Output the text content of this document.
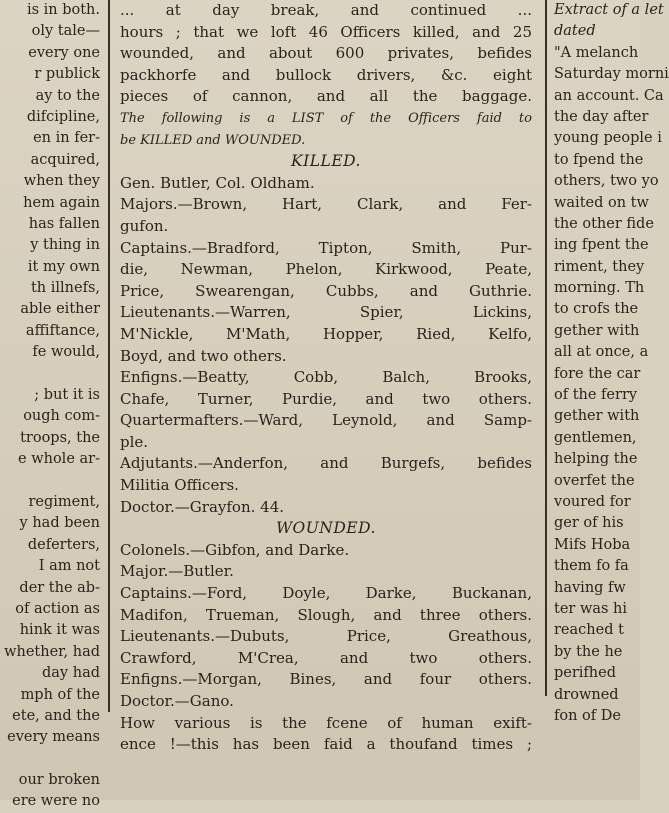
is in both.
oly tale—
every one
r publick
ay to the
difcipline,
en in fer-
acquired,
when they
hem again
has fallen
y thing in
it my own
th illnefs,
able either
affiftance,
fe would,
; but it is
ough com-
troops, the
e whole ar-
regiment,
y had been
deferters,
I am not
der the ab-
of action as
hink it was
whether, had
day had
mph of the
ete, and the
every means
our broken
ere were no
... at day break, and continued ...
hours ; that we loft 46 Officers killed, and 25
wounded, and about 600 privates, befides
packhorfe and bullock drivers, &c. eight
pieces of cannon, and all the baggage.
The following is a LIST of the Officers faid to
be KILLED and WOUNDED.
KILLED.
Gen. Butler, Col. Oldham.
Majors.—Brown, Hart, Clark, and Fer-
gufon.
Captains.—Bradford, Tipton, Smith, Pur-
die, Newman, Phelon, Kirkwood, Peate,
Price, Swearengan, Cubbs, and Guthrie.
Lieutenants.—Warren, Spier, Lickins,
M'Nickle, M'Math, Hopper, Ried, Kelfo,
Boyd, and two others.
Enfigns.—Beatty, Cobb, Balch, Brooks,
Chafe, Turner, Purdie, and two others.
Quartermafters.—Ward, Leynold, and Samp-
ple.
Adjutants.—Anderfon, and Burgefs, befides
Militia Officers.
Doctor.—Grayfon. 44.
WOUNDED.
Colonels.—Gibfon, and Darke.
Major.—Butler.
Captains.—Ford, Doyle, Darke, Buckanan,
Madifon, Trueman, Slough, and three others.
Lieutenants.—Dubuts, Price, Greathous,
Crawford, M'Crea, and two others.
Enfigns.—Morgan, Bines, and four others.
Doctor.—Gano.
How various is the fcene of human exift-
ence !—this has been faid a thoufand times ;
Extract of a let
dated
"A melanch
Saturday morni
an account. Ca
the day after
young people i
to fpend the
others, two yo
waited on tw
the other fide
ing fpent the
riment, they
morning. Th
to crofs the
gether with
all at once, a
fore the car
of the ferry
gether with
gentlemen,
helping the
overfet the
voured for
ger of his
Mifs Hoba
them fo fa
having fw
ter was hi
reached t
by the he
perifhed
drowned
fon of De
